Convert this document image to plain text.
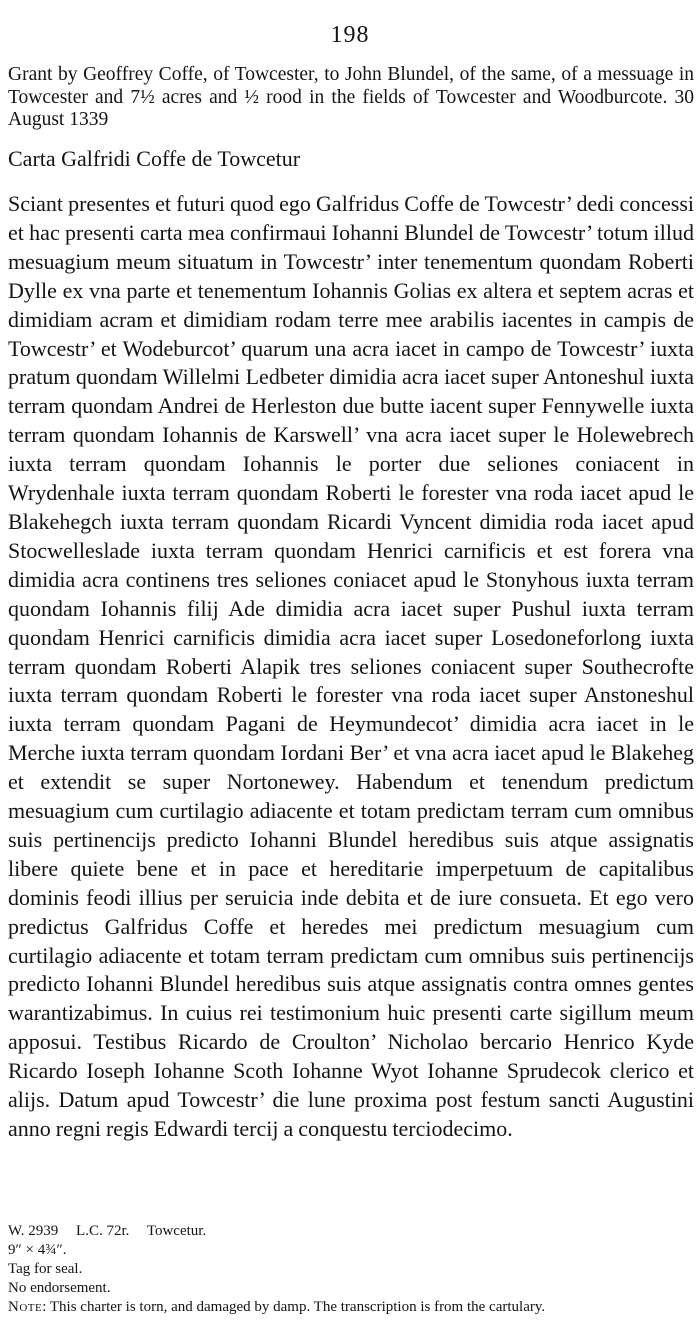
198
Grant by Geoffrey Coffe, of Towcester, to John Blundel, of the same, of a messuage in Towcester and 7½ acres and ½ rood in the fields of Towcester and Woodburcote. 30 August 1339
Carta Galfridi Coffe de Towcetur
Sciant presentes et futuri quod ego Galfridus Coffe de Towcestr’ dedi concessi et hac presenti carta mea confirmaui Iohanni Blundel de Towcestr’ totum illud mesuagium meum situatum in Towcestr’ inter tenementum quondam Roberti Dylle ex vna parte et tenementum Iohannis Golias ex altera et septem acras et dimidiam acram et dimidiam rodam terre mee arabilis iacentes in campis de Towcestr’ et Wodeburcot’ quarum una acra iacet in campo de Towcestr’ iuxta pratum quondam Willelmi Ledbeter dimidia acra iacet super Antoneshul iuxta terram quondam Andrei de Herleston due butte iacent super Fennywelle iuxta terram quondam Iohannis de Karswell’ vna acra iacet super le Holewebrech iuxta terram quondam Iohannis le porter due seliones coniacent in Wrydenhale iuxta terram quondam Roberti le forester vna roda iacet apud le Blakehegch iuxta terram quondam Ricardi Vyncent dimidia roda iacet apud Stocwelleslade iuxta terram quondam Henrici carnificis et est forera vna dimidia acra continens tres seliones coniacet apud le Stonyhous iuxta terram quondam Iohannis filij Ade dimidia acra iacet super Pushul iuxta terram quondam Henrici carnificis dimidia acra iacet super Losedoneforlong iuxta terram quondam Roberti Alapik tres seliones coniacent super Southecrofte iuxta terram quondam Roberti le forester vna roda iacet super Anstoneshul iuxta terram quondam Pagani de Heymundecot’ dimidia acra iacet in le Merche iuxta terram quondam Iordani Ber’ et vna acra iacet apud le Blakeheg et extendit se super Nortonewey. Habendum et tenendum predictum mesuagium cum curtilagio adiacente et totam predictam terram cum omnibus suis pertinencijs predicto Iohanni Blundel heredibus suis atque assignatis libere quiete bene et in pace et hereditarie imperpetuum de capitalibus dominis feodi illius per seruicia inde debita et de iure consueta. Et ego vero predictus Galfridus Coffe et heredes mei predictum mesuagium cum curtilagio adiacente et totam terram predictam cum omnibus suis pertinencijs predicto Iohanni Blundel heredibus suis atque assignatis contra omnes gentes warantizabimus. In cuius rei testimonium huic presenti carte sigillum meum apposui. Testibus Ricardo de Croulton’ Nicholao bercario Henrico Kyde Ricardo Ioseph Iohanne Scoth Iohanne Wyot Iohanne Sprudecok clerico et alijs. Datum apud Towcestr’ die lune proxima post festum sancti Augustini anno regni regis Edwardi tercij a conquestu terciodecimo.
W. 2939 L.C. 72r. Towcetur.
9″ × 4¾″.
Tag for seal.
No endorsement.
Note: This charter is torn, and damaged by damp. The transcription is from the cartulary.
